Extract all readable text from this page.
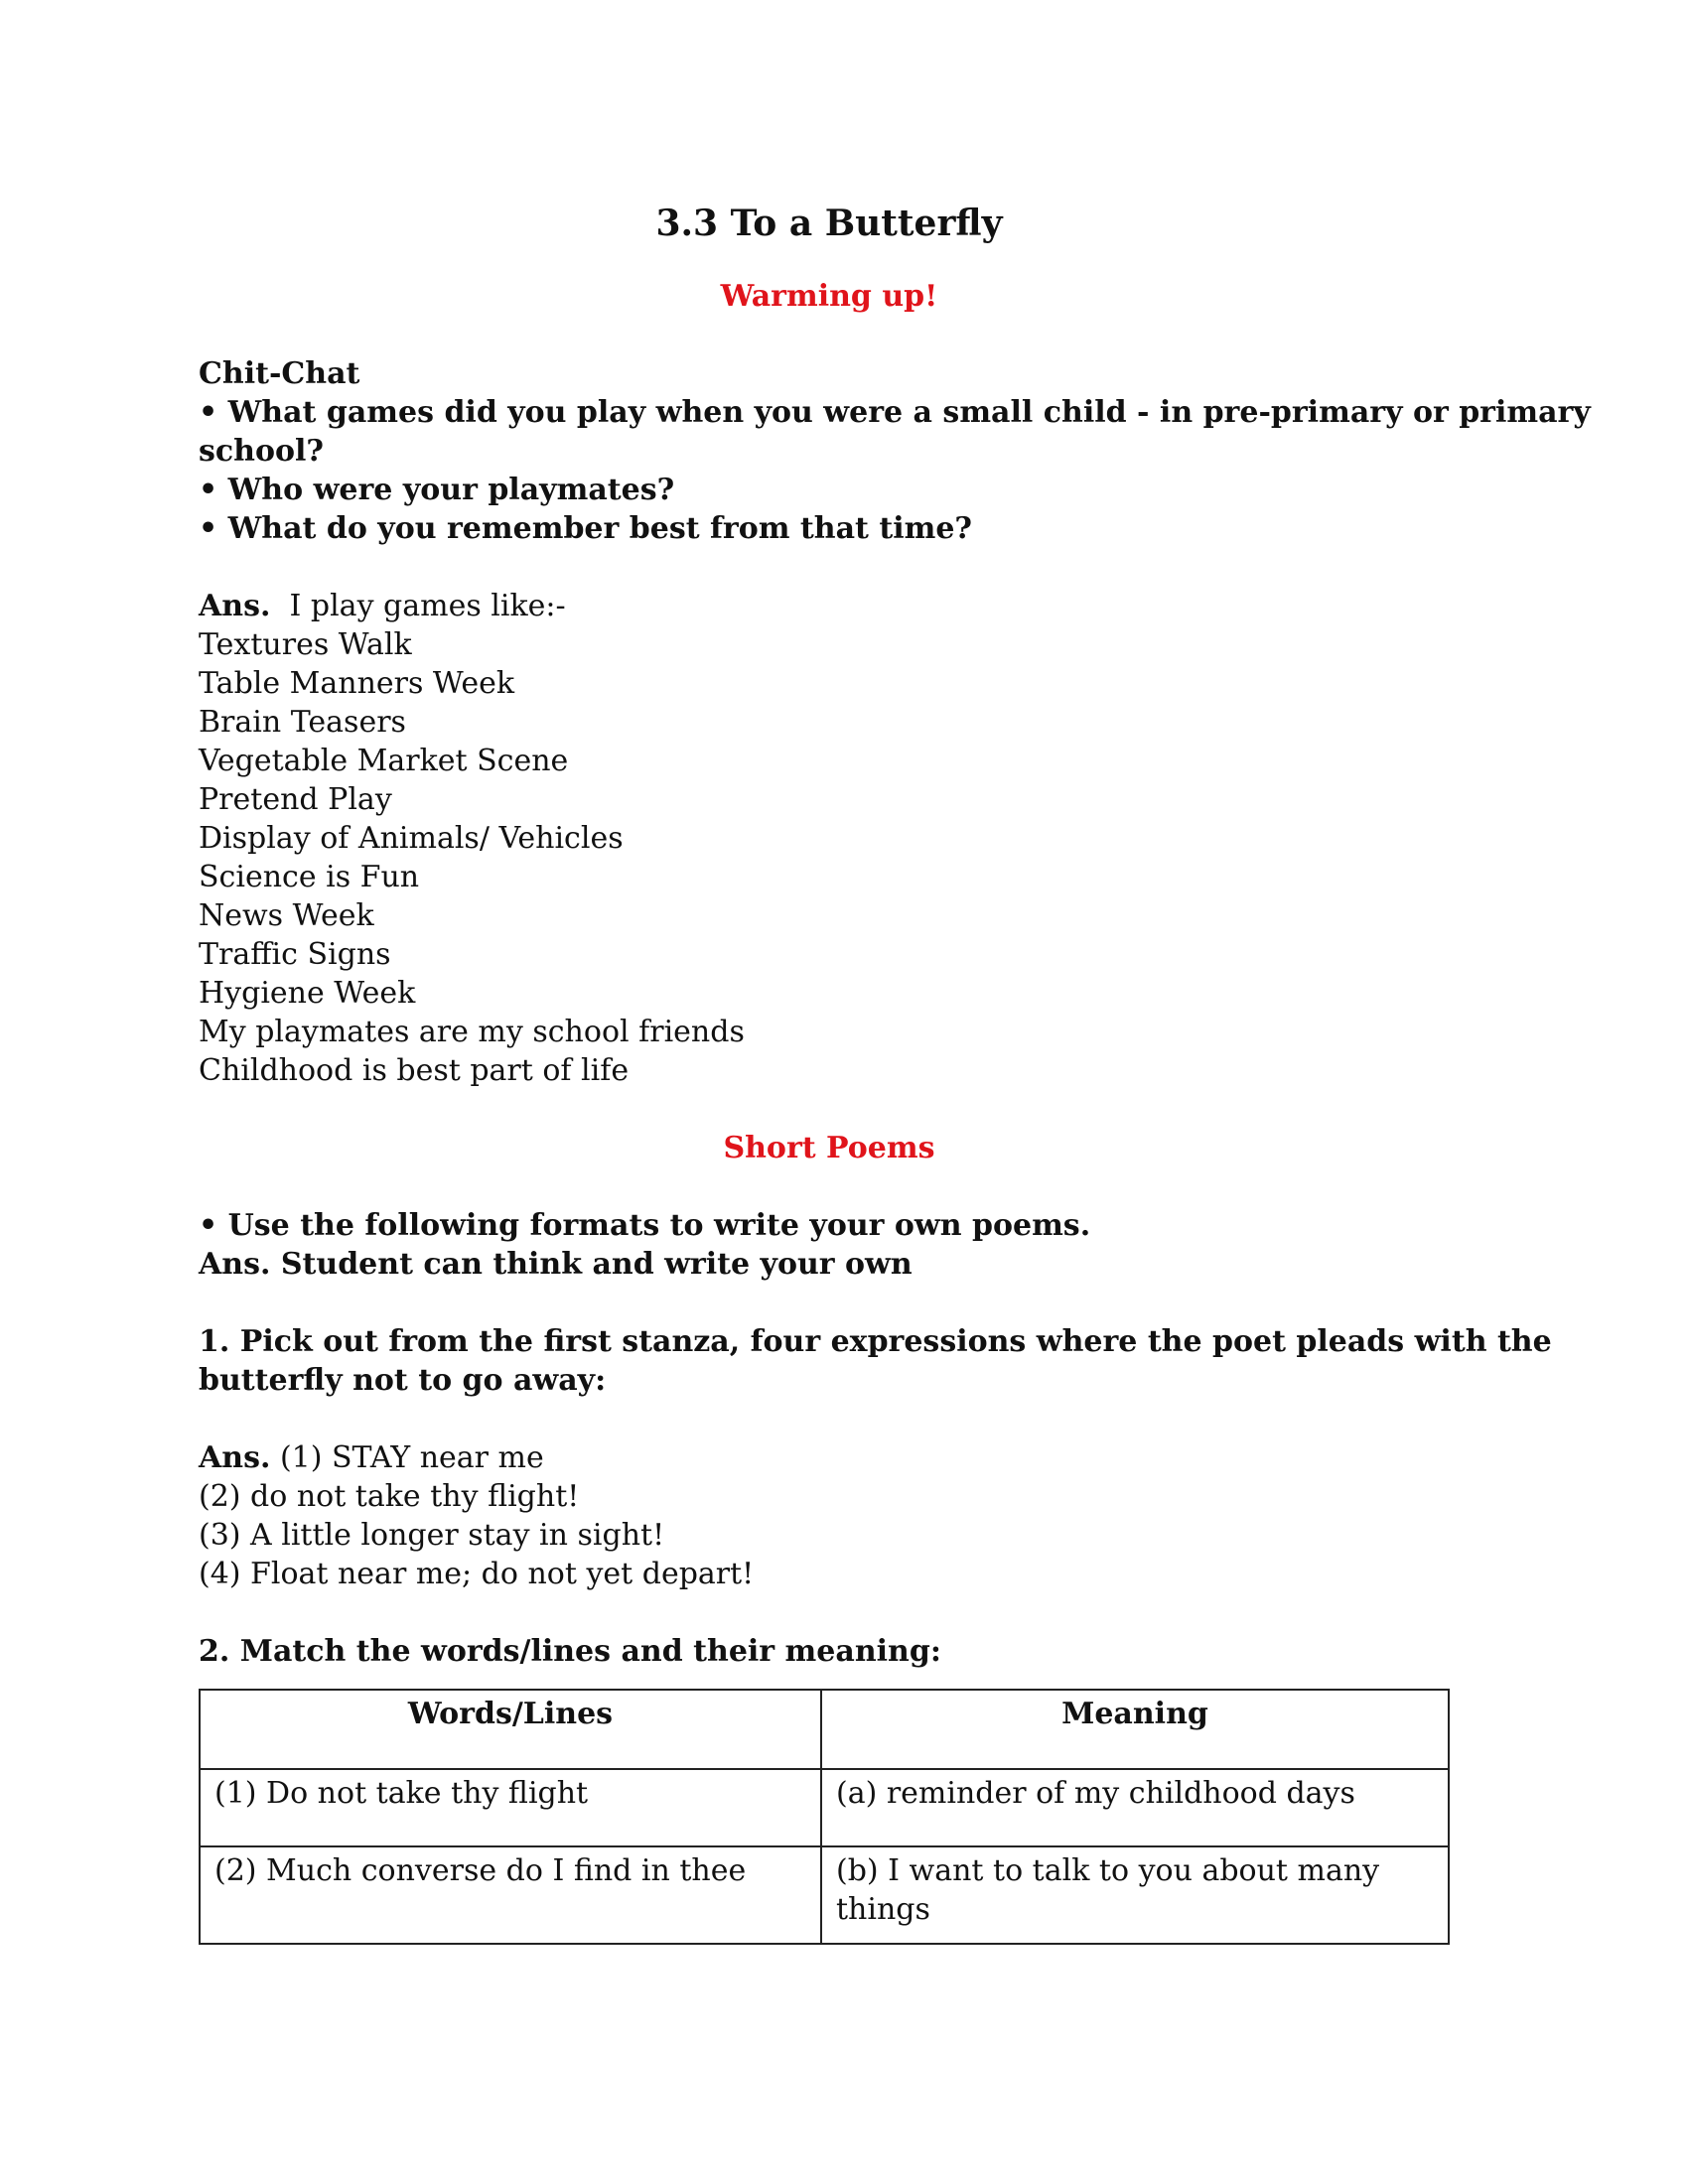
3.3 To a Butterfly
Warming up!

Chit-Chat

• What games did you play when you were a small child - in pre-primary or primary

school?

• Who were your playmates?

• What do you remember best from that time?

Ans. I play games like:-

Textures Walk

Table Manners Week

Brain Teasers

Vegetable Market Scene

Pretend Play

Display of Animals/ Vehicles

Science is Fun

News Week

Traffic Signs

Hygiene Week

My playmates are my school friends

Childhood is best part of life

Short Poems

• Use the following formats to write your own poems.

Ans. Student can think and write your own

1. Pick out from the first stanza, four expressions where the poet pleads with the

butterfly not to go away:

Ans. (1) STAY near me

(2) do not take thy flight!

(3) A little longer stay in sight!

(4) Float near me; do not yet depart!

2. Match the words/lines and their meaning:

Words/Lines	Meaning
(1) Do not take thy flight	(a) reminder of my childhood days
(2) Much converse do I find in thee	(b) I want to talk to you about many things
